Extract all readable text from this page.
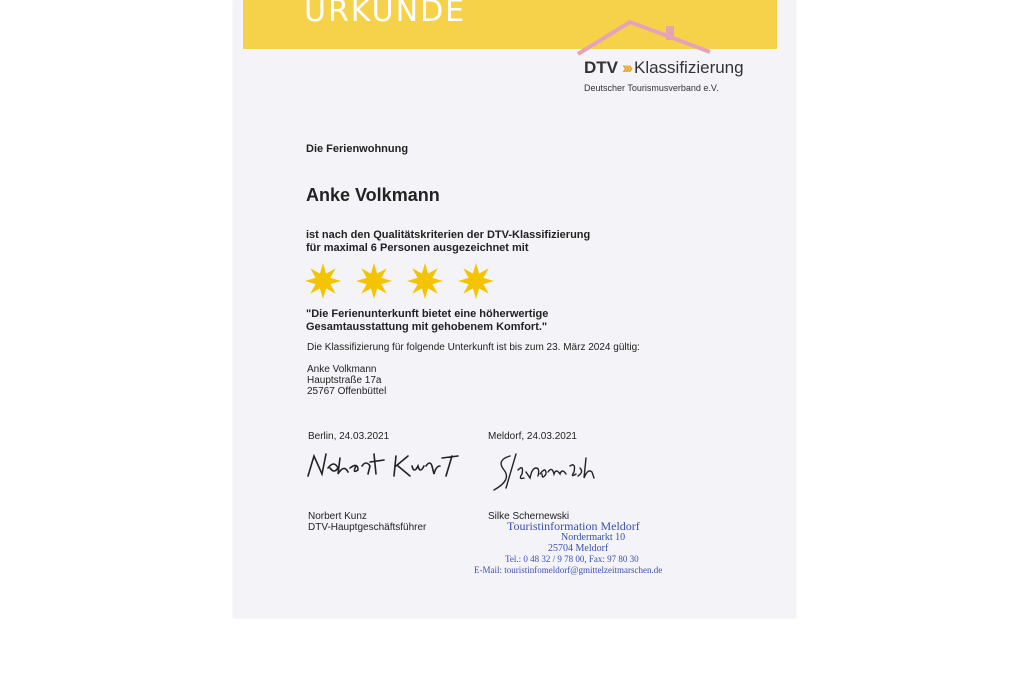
URKUNDE
DTV ››› Klassifizierung
Deutscher Tourismusverband e.V.
Die Ferienwohnung
Anke Volkmann
ist nach den Qualitätskriterien der DTV-Klassifizierung
für maximal 6 Personen ausgezeichnet mit
"Die Ferienunterkunft bietet eine höherwertige
Gesamtausstattung mit gehobenem Komfort."
Die Klassifizierung für folgende Unterkunft ist bis zum 23. März 2024 gültig:
Anke Volkmann
Hauptstraße 17a
25767 Offenbüttel
Berlin, 24.03.2021	Meldorf, 24.03.2021
Norbert Kunz
DTV-Hauptgeschäftsführer
Silke Schernewski
Touristinformation Meldorf
Nordermarkt 10
25704 Meldorf
Tel.: 0 48 32 / 9 78 00, Fax: 97 80 30
E-Mail: touristinfomeldorf@gmittelzeitmarschen.de
